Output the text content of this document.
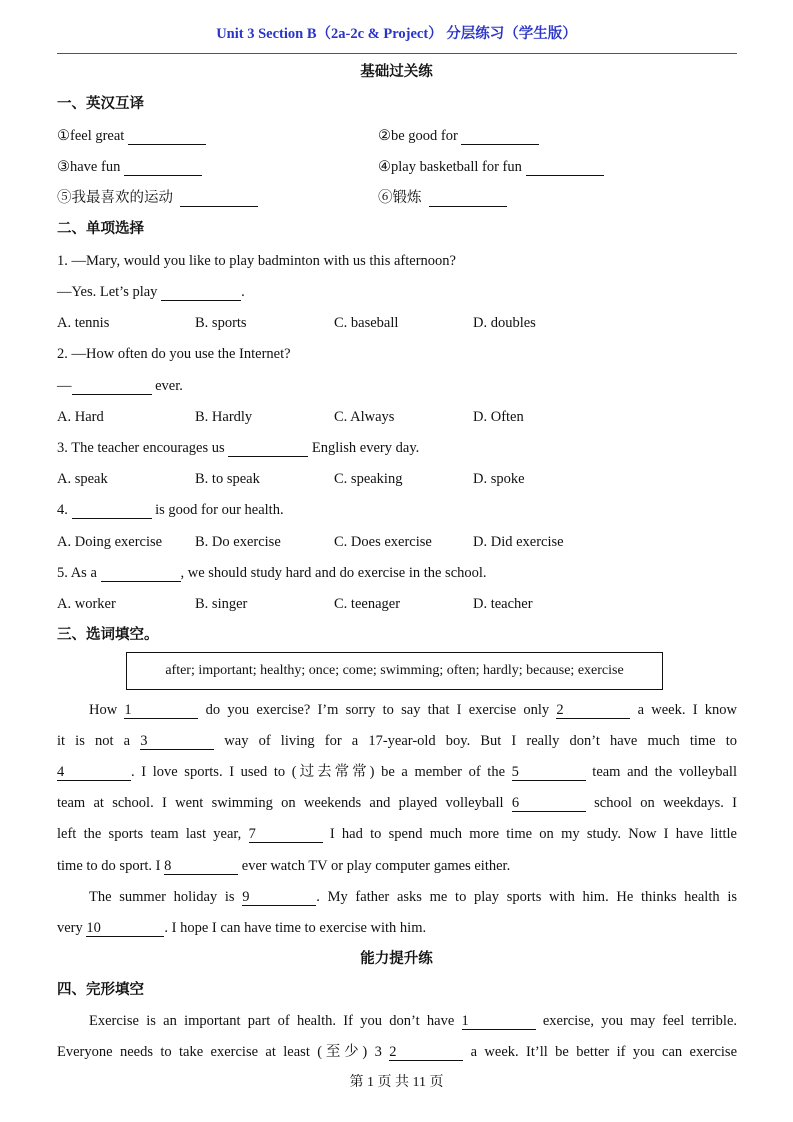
Unit 3 Section B（2a-2c & Project） 分层练习（学生版）
基础过关练
一、英汉互译
①feel great	②be good for
③have fun	④play basketball for fun
⑤我最喜欢的运动	⑥锻炼
二、单项选择
1. —Mary, would you like to play badminton with us this afternoon?
—Yes. Let’s play	.
A. tennis	B. sports	C. baseball	D. doubles
2. —How often do you use the Internet?
—	ever.
A. Hard	B. Hardly	C. Always	D. Often
3. The teacher encourages us	English every day.
A. speak	B. to speak	C. speaking	D. spoke
4.	is good for our health.
A. Doing exercise B. Do exercise	C. Does exercise	D. Did exercise
5. As a	, we should study hard and do exercise in the school.
A. worker	B. singer	C. teenager	D. teacher
三、选词填空。
after; important; healthy; once; come; swimming; often; hardly; because; exercise
How 1	do you exercise? I’m sorry to say that I exercise only 2	a week. I know
it is not a 3	way of living for a 17-year-old boy. But I really don’t have much time to
4	. I love sports. I used to (过去常常) be a member of the 5	team and the volleyball
team at school. I went swimming on weekends and played volleyball 6	school on weekdays. I
left the sports team last year, 7	I had to spend much more time on my study. Now I have little
time to do sport. I 8	ever watch TV or play computer games either.
The summer holiday is 9	. My father asks me to play sports with him. He thinks health is
very 10	. I hope I can have time to exercise with him.
能力提升练
四、完形填空
Exercise is an important part of health. If you don’t have 1	exercise, you may feel terrible.
Everyone needs to take exercise at least (至少) 3 2	a week. It’ll be better if you can exercise
第 1 页 共 11 页
